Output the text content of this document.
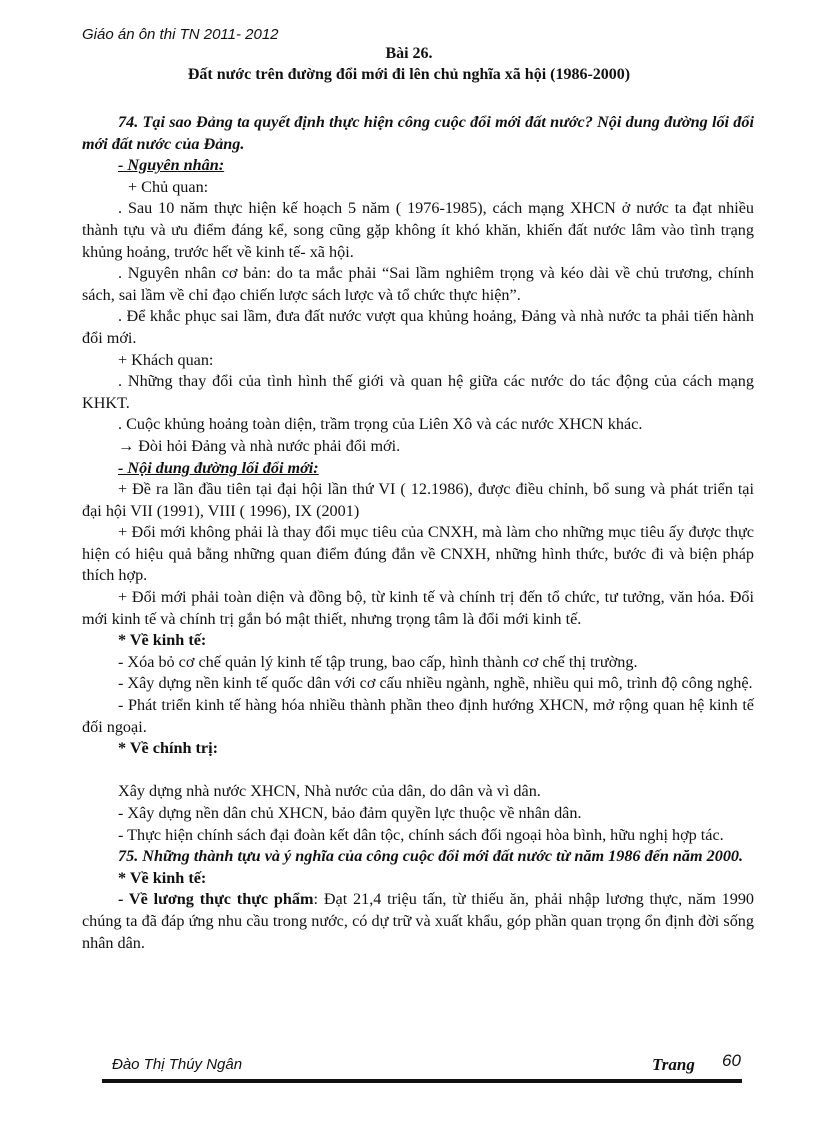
Giáo án ôn thi TN 2011- 2012
Bài 26.
Đất nước trên đường đổi mới đi lên chủ nghĩa xã hội (1986-2000)

74. Tại sao Đảng ta quyết định thực hiện công cuộc đổi mới đất nước? Nội dung đường lối đổi mới đất nước của Đảng.

- Nguyên nhân:

+ Chủ quan:

. Sau 10 năm thực hiện kế hoạch 5 năm ( 1976-1985), cách mạng XHCN ở nước ta đạt nhiều thành tựu và ưu điểm đáng kể, song cũng gặp không ít khó khăn, khiến đất nước lâm vào tình trạng khủng hoảng, trước hết về kinh tế- xã hội.

. Nguyên nhân cơ bản: do ta mắc phải “Sai lầm nghiêm trọng và kéo dài về chủ trương, chính sách, sai lầm về chỉ đạo chiến lược sách lược và tổ chức thực hiện”.

. Để khắc phục sai lầm, đưa đất nước vượt qua khủng hoảng, Đảng và nhà nước ta phải tiến hành đổi mới.

+ Khách quan:

. Những thay đổi của tình hình thế giới và quan hệ giữa các nước do tác động của cách mạng KHKT.

. Cuộc khủng hoảng toàn diện, trầm trọng của Liên Xô và các nước XHCN khác.

→ Đòi hỏi Đảng và nhà nước phải đổi mới.

- Nội dung đường lối đổi mới:

+ Đề ra lần đầu tiên tại đại hội lần thứ VI ( 12.1986), được điều chỉnh, bổ sung và phát triển tại đại hội VII (1991), VIII ( 1996), IX (2001)

+ Đổi mới không phải là thay đổi mục tiêu của CNXH, mà làm cho những mục tiêu ấy được thực hiện có hiệu quả bằng những quan điểm đúng đắn về CNXH, những hình thức, bước đi và biện pháp thích hợp.

+ Đổi mới phải toàn diện và đồng bộ, từ kinh tế và chính trị đến tổ chức, tư tưởng, văn hóa. Đổi mới kinh tế và chính trị gắn bó mật thiết, nhưng trọng tâm là đổi mới kinh tế.

* Về kinh tế:

- Xóa bỏ cơ chế quản lý kinh tế tập trung, bao cấp, hình thành cơ chế thị trường.

- Xây dựng nền kinh tế quốc dân với cơ cấu nhiều ngành, nghề, nhiều qui mô, trình độ công nghệ.

- Phát triển kinh tế hàng hóa nhiều thành phần theo định hướng XHCN, mở rộng quan hệ kinh tế đối ngoại.

* Về chính trị:

Xây dựng nhà nước XHCN, Nhà nước của dân, do dân và vì dân.

- Xây dựng nền dân chủ XHCN, bảo đảm quyền lực thuộc về nhân dân.

- Thực hiện chính sách đại đoàn kết dân tộc, chính sách đối ngoại hòa bình, hữu nghị hợp tác.

75. Những thành tựu và ý nghĩa của công cuộc đổi mới đất nước từ năm 1986 đến năm 2000.

* Về kinh tế:

- Về lương thực thực phẩm: Đạt 21,4 triệu tấn, từ thiếu ăn, phải nhập lương thực, năm 1990 chúng ta đã đáp ứng nhu cầu trong nước, có dự trữ và xuất khẩu, góp phần quan trọng ổn định đời sống nhân dân.

Đào Thị Thúy Ngân	Trang 60
